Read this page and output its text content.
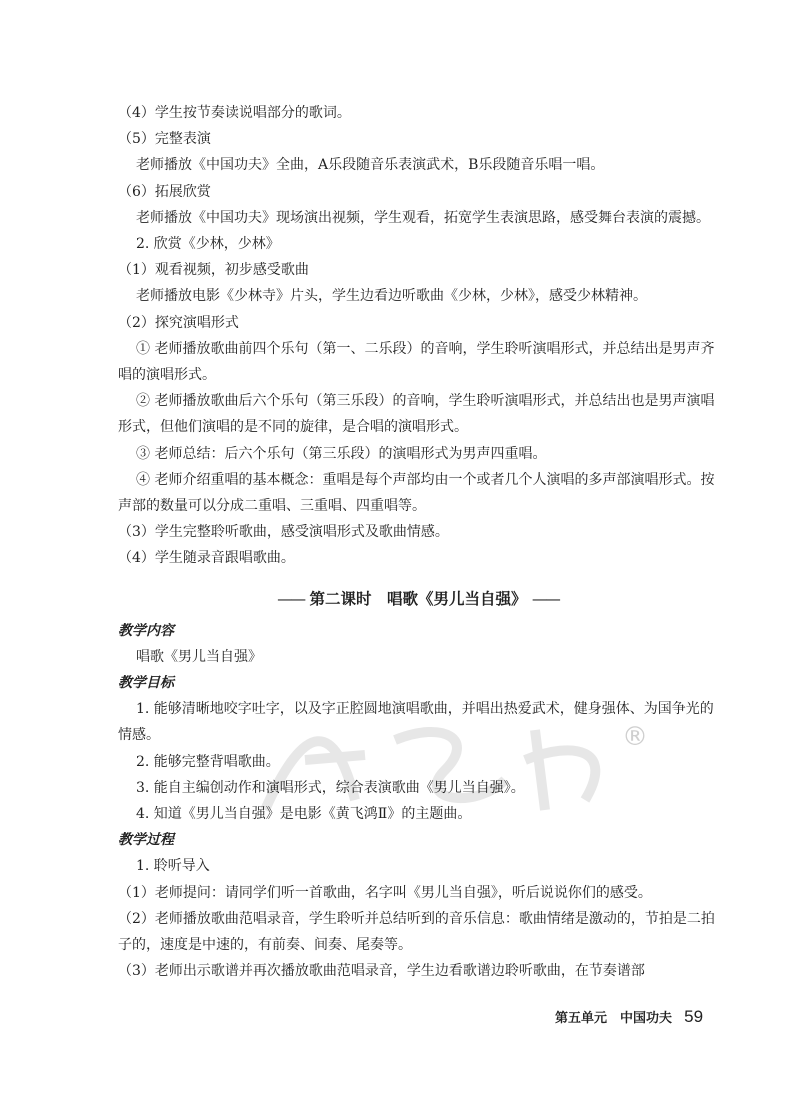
（4）学生按节奏读说唱部分的歌词。
（5）完整表演
老师播放《中国功夫》全曲，A乐段随音乐表演武术，B乐段随音乐唱一唱。
（6）拓展欣赏
老师播放《中国功夫》现场演出视频，学生观看，拓宽学生表演思路，感受舞台表演的震撼。
2. 欣赏《少林，少林》
（1）观看视频，初步感受歌曲
老师播放电影《少林寺》片头，学生边看边听歌曲《少林，少林》，感受少林精神。
（2）探究演唱形式
① 老师播放歌曲前四个乐句（第一、二乐段）的音响，学生聆听演唱形式，并总结出是男声齐唱的演唱形式。
② 老师播放歌曲后六个乐句（第三乐段）的音响，学生聆听演唱形式，并总结出也是男声演唱形式，但他们演唱的是不同的旋律，是合唱的演唱形式。
③ 老师总结：后六个乐句（第三乐段）的演唱形式为男声四重唱。
④ 老师介绍重唱的基本概念：重唱是每个声部均由一个或者几个人演唱的多声部演唱形式。按声部的数量可以分成二重唱、三重唱、四重唱等。
（3）学生完整聆听歌曲，感受演唱形式及歌曲情感。
（4）学生随录音跟唱歌曲。
—— 第二课时　唱歌《男儿当自强》 ——
教学内容
唱歌《男儿当自强》
教学目标
1. 能够清晰地咬字吐字，以及字正腔圆地演唱歌曲，并唱出热爱武术，健身强体、为国争光的情感。
2. 能够完整背唱歌曲。
3. 能自主编创动作和演唱形式，综合表演歌曲《男儿当自强》。
4. 知道《男儿当自强》是电影《黄飞鸿Ⅱ》的主题曲。
教学过程
1. 聆听导入
（1）老师提问：请同学们听一首歌曲，名字叫《男儿当自强》，听后说说你们的感受。
（2）老师播放歌曲范唱录音，学生聆听并总结听到的音乐信息：歌曲情绪是激动的，节拍是二拍子的，速度是中速的，有前奏、间奏、尾奏等。
（3）老师出示歌谱并再次播放歌曲范唱录音，学生边看歌谱边聆听歌曲，在节奏谱部
®
第五单元　中国功夫 59
